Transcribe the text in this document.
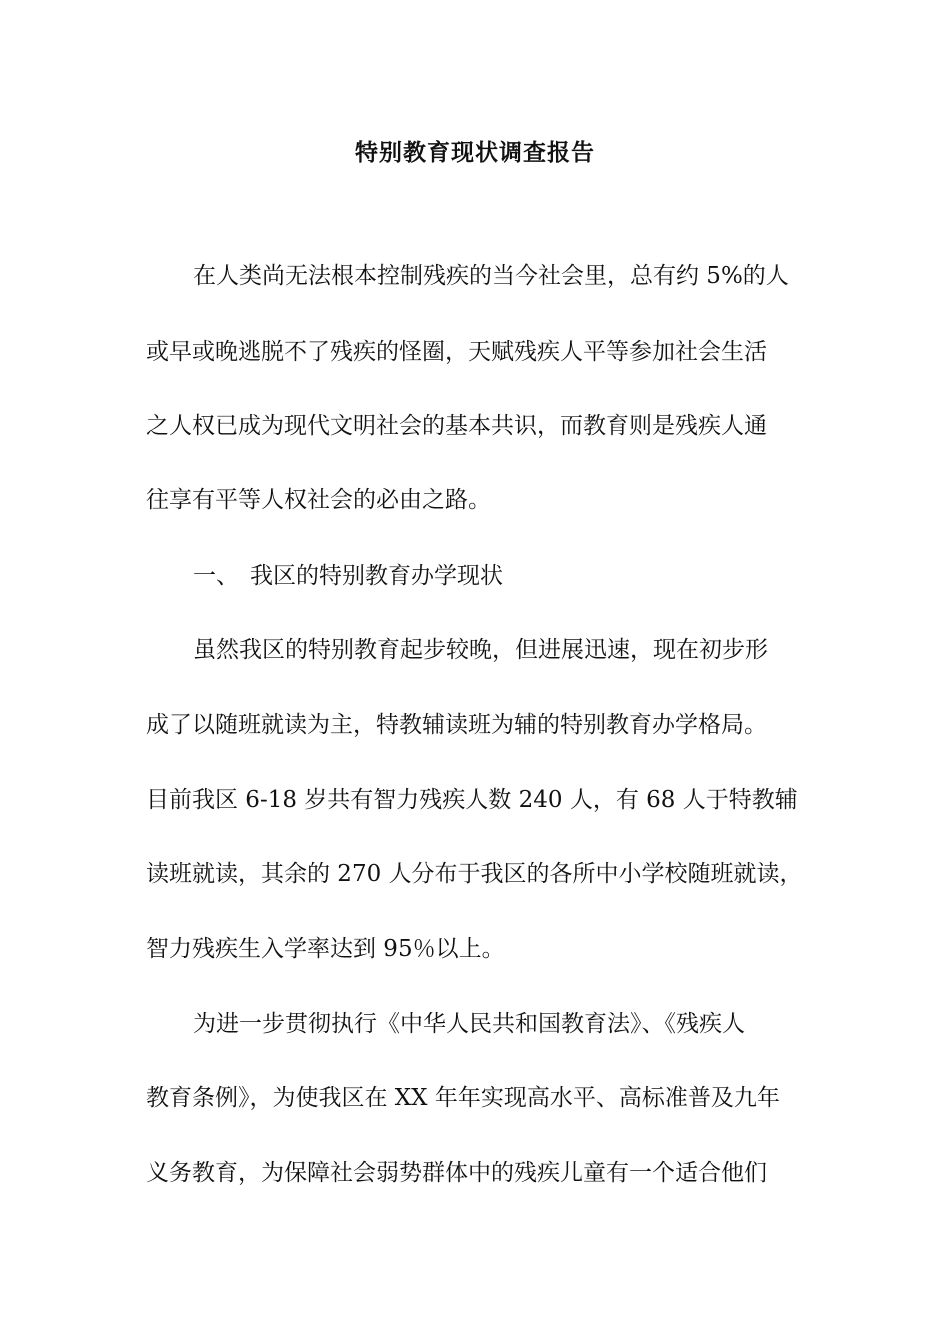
特别教育现状调查报告
在人类尚无法根本控制残疾的当今社会里，总有约 5%的人
或早或晚逃脱不了残疾的怪圈，天赋残疾人平等参加社会生活
之人权已成为现代文明社会的基本共识，而教育则是残疾人通
往享有平等人权社会的必由之路。
一、 我区的特别教育办学现状
虽然我区的特别教育起步较晚，但进展迅速，现在初步形
成了以随班就读为主，特教辅读班为辅的特别教育办学格局。
目前我区 6-18 岁共有智力残疾人数 240 人，有 68 人于特教辅
读班就读，其余的 270 人分布于我区的各所中小学校随班就读，
智力残疾生入学率达到 95％以上。
为进一步贯彻执行《中华人民共和国教育法》、《残疾人
教育条例》，为使我区在 XX 年年实现高水平、高标准普及九年
义务教育，为保障社会弱势群体中的残疾儿童有一个适合他们
